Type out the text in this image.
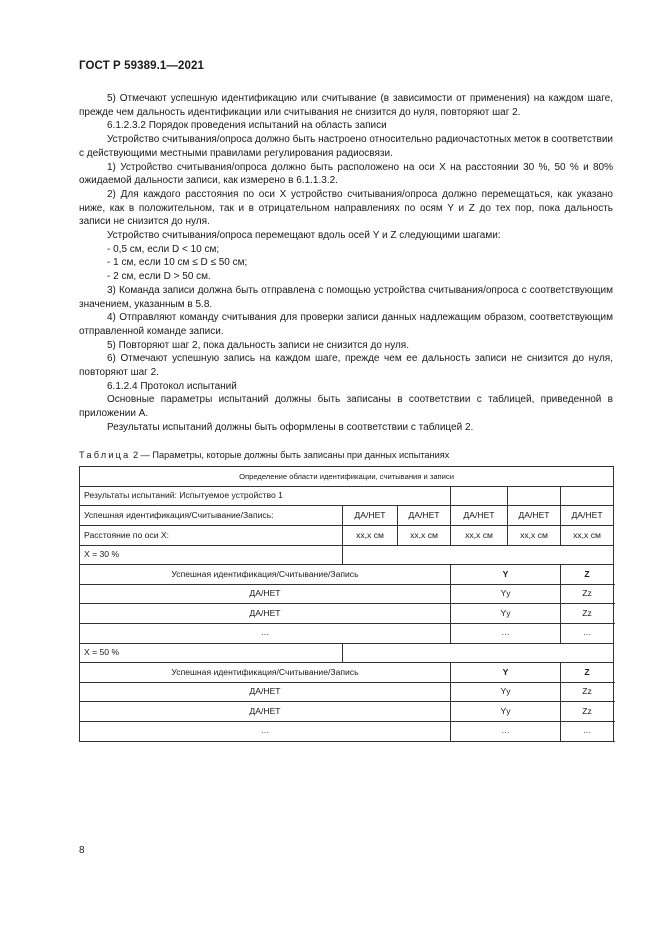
ГОСТ Р 59389.1—2021
5) Отмечают успешную идентификацию или считывание (в зависимости от применения) на каждом шаге, прежде чем дальность идентификации или считывания не снизится до нуля, повторяют шаг 2.
6.1.2.3.2 Порядок проведения испытаний на область записи
Устройство считывания/опроса должно быть настроено относительно радиочастотных меток в соответствии с действующими местными правилами регулирования радиосвязи.
1) Устройство считывания/опроса должно быть расположено на оси X на расстоянии 30 %, 50 % и 80% ожидаемой дальности записи, как измерено в 6.1.1.3.2.
2) Для каждого расстояния по оси X устройство считывания/опроса должно перемещаться, как указано ниже, как в положительном, так и в отрицательном направлениях по осям Y и Z до тех пор, пока дальность записи не снизится до нуля.
Устройство считывания/опроса перемещают вдоль осей Y и Z следующими шагами:
- 0,5 см, если D < 10 см;
- 1 см, если 10 см ≤ D ≤ 50 см;
- 2 см, если D > 50 см.
3) Команда записи должна быть отправлена с помощью устройства считывания/опроса с соответствующим значением, указанным в 5.8.
4) Отправляют команду считывания для проверки записи данных надлежащим образом, соответствующим отправленной команде записи.
5) Повторяют шаг 2, пока дальность записи не снизится до нуля.
6) Отмечают успешную запись на каждом шаге, прежде чем ее дальность записи не снизится до нуля, повторяют шаг 2.
6.1.2.4 Протокол испытаний
Основные параметры испытаний должны быть записаны в соответствии с таблицей, приведенной в приложении А.
Результаты испытаний должны быть оформлены в соответствии с таблицей 2.
Таблица 2 — Параметры, которые должны быть записаны при данных испытаниях
Определение области идентификации, считывания и записи					
Результаты испытаний: Испытуемое устройство 1					
Успешная идентификация/Считывание/Запись:	ДА/НЕТ	ДА/НЕТ	ДА/НЕТ	ДА/НЕТ	ДА/НЕТ
Расстояние по оси X:	хх,х см	хх,х см	хх,х см	хх,х см	хх,х см
X = 30 %					
Успешная идентификация/Считывание/Запись			Y		Z
ДА/НЕТ			Yy		Zz
ДА/НЕТ			Yy		Zz
…			…		…
X = 50 %					
Успешная идентификация/Считывание/Запись			Y		Z
ДА/НЕТ			Yy		Zz
ДА/НЕТ			Yy		Zz
…			…		…
8
